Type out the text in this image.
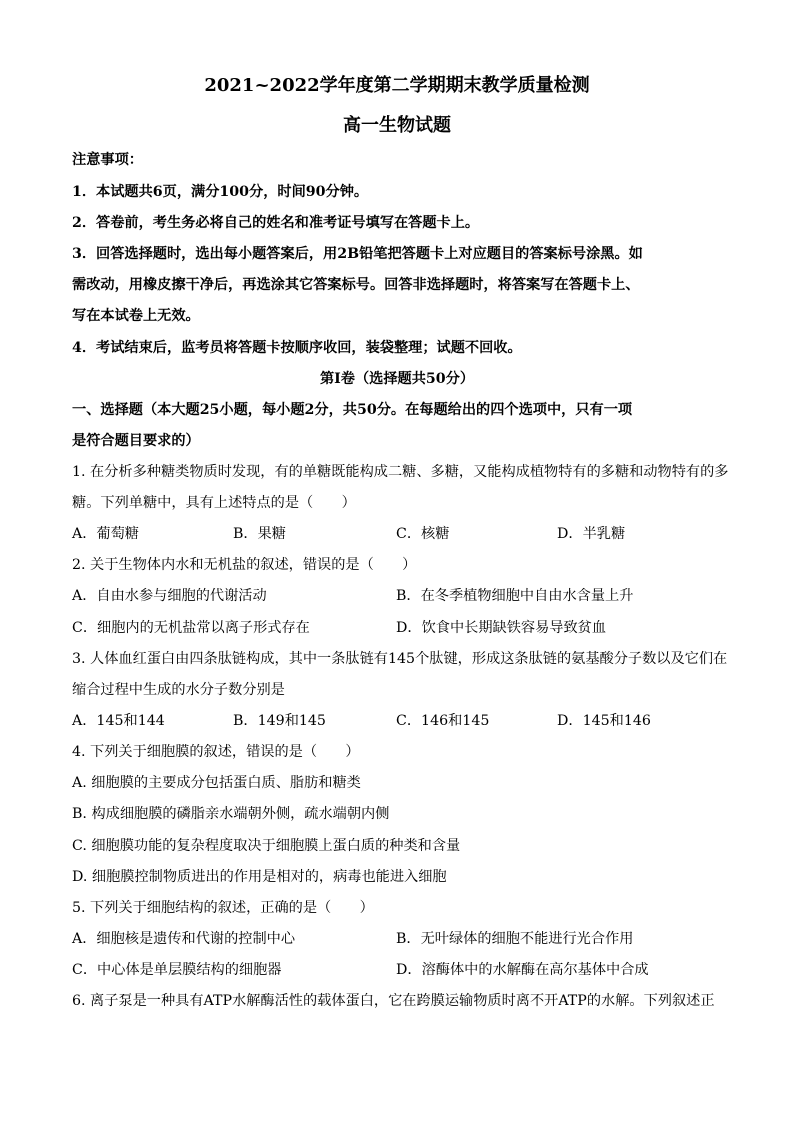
2021~2022学年度第二学期期末教学质量检测
高一生物试题
注意事项：
1．本试题共6页，满分100分，时间90分钟。
2．答卷前，考生务必将自己的姓名和准考证号填写在答题卡上。
3．回答选择题时，选出每小题答案后，用2B铅笔把答题卡上对应题目的答案标号涂黑。如
需改动，用橡皮擦干净后，再选涂其它答案标号。回答非选择题时，将答案写在答题卡上、
写在本试卷上无效。
4．考试结束后，监考员将答题卡按顺序收回，装袋整理；试题不回收。
第Ⅰ卷（选择题共50分）
一、选择题（本大题25小题，每小题2分，共50分。在每题给出的四个选项中，只有一项
是符合题目要求的）
1. 在分析多种糖类物质时发现，有的单糖既能构成二糖、多糖，又能构成植物特有的多糖和动物特有的多
糖。下列单糖中，具有上述特点的是（　　）
A．葡萄糖	B．果糖	C．核糖	D．半乳糖
2. 关于生物体内水和无机盐的叙述，错误的是（　　）
A．自由水参与细胞的代谢活动	B．在冬季植物细胞中自由水含量上升
C．细胞内的无机盐常以离子形式存在	D．饮食中长期缺铁容易导致贫血
3. 人体血红蛋白由四条肽链构成，其中一条肽链有145个肽键，形成这条肽链的氨基酸分子数以及它们在
缩合过程中生成的水分子数分别是
A．145和144	B．149和145	C．146和145	D．145和146
4. 下列关于细胞膜的叙述，错误的是（　　）
A. 细胞膜的主要成分包括蛋白质、脂肪和糖类
B. 构成细胞膜的磷脂亲水端朝外侧，疏水端朝内侧
C. 细胞膜功能的复杂程度取决于细胞膜上蛋白质的种类和含量
D. 细胞膜控制物质进出的作用是相对的，病毒也能进入细胞
5. 下列关于细胞结构的叙述，正确的是（　　）
A．细胞核是遗传和代谢的控制中心	B．无叶绿体的细胞不能进行光合作用
C．中心体是单层膜结构的细胞器	D．溶酶体中的水解酶在高尔基体中合成
6. 离子泵是一种具有ATP水解酶活性的载体蛋白，它在跨膜运输物质时离不开ATP的水解。下列叙述正
